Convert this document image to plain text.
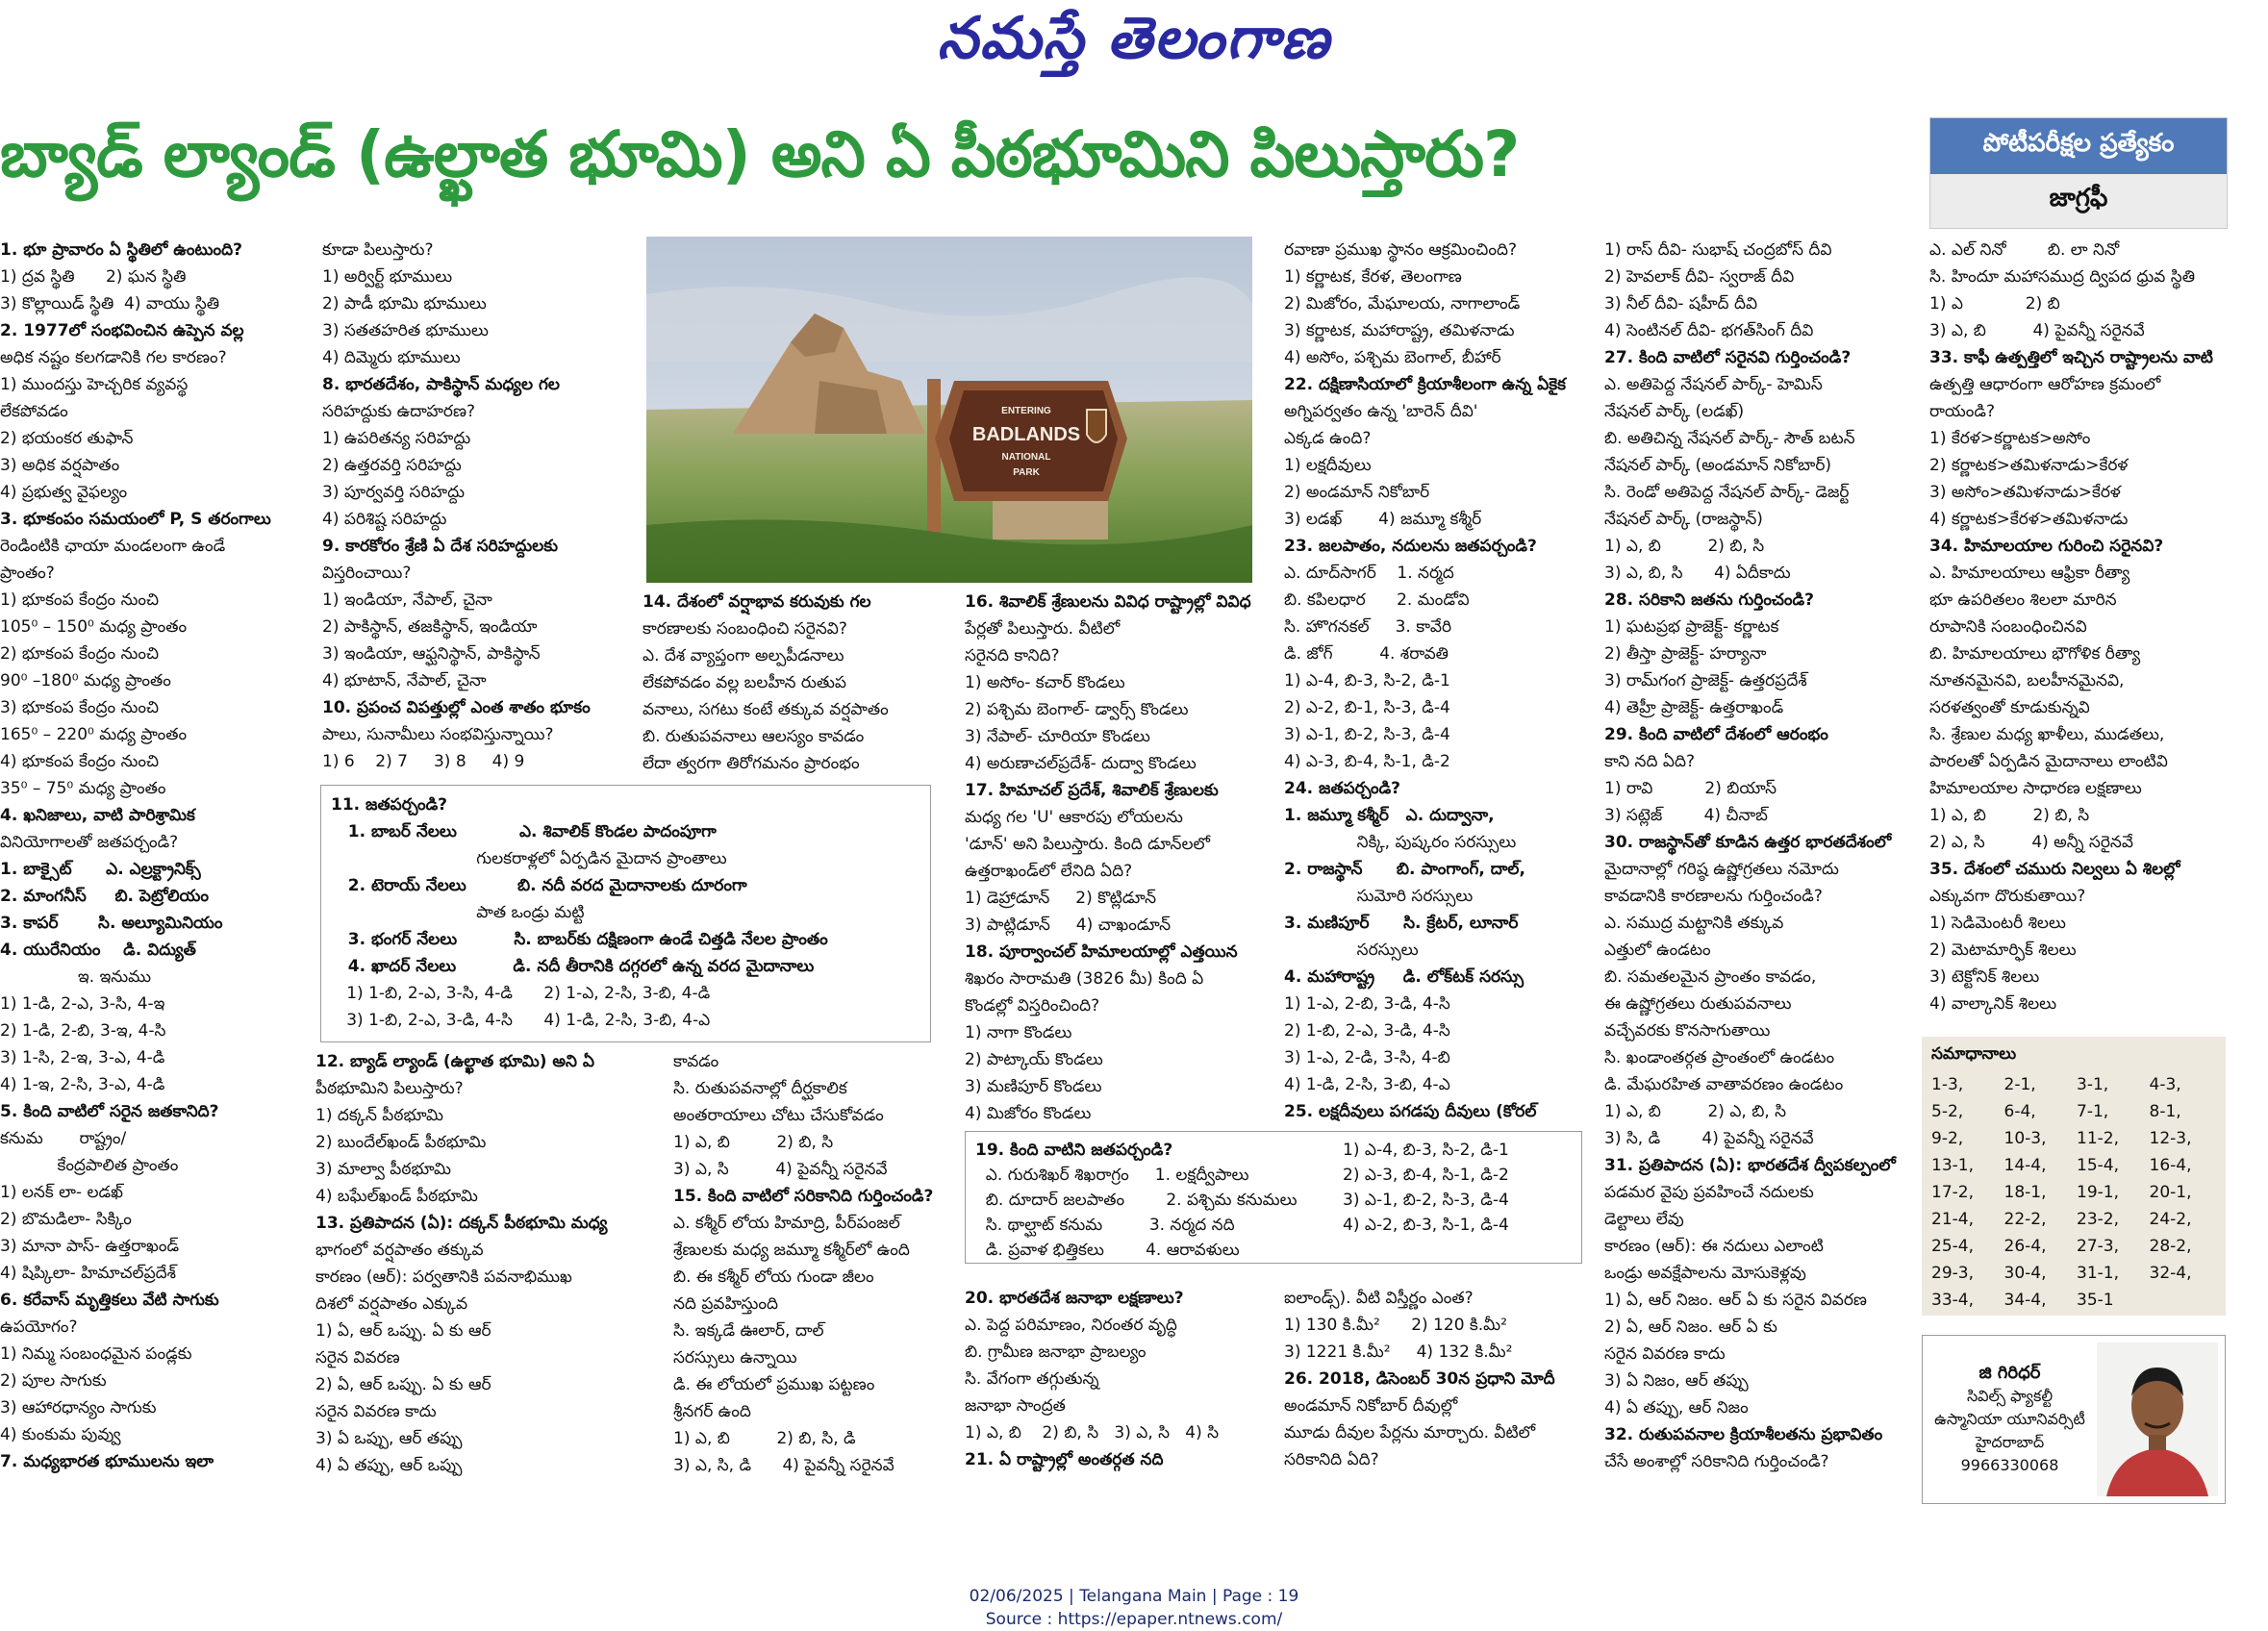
నమస్తే తెలంగాణ
బ్యాడ్ ల్యాండ్ (ఉల్ఖాత భూమి) అని ఏ పీఠభూమిని పిలుస్తారు?	పోటీపరీక్షల ప్రత్యేకం
జాగ్రఫీ
1. భూ ప్రావారం ఏ స్థితిలో ఉంటుంది?
1) ద్రవ స్థితి      2) ఘన స్థితి
3) కొల్లాయిడ్ స్థితి  4) వాయు స్థితి
2. 1977లో సంభవించిన ఉప్పెన వల్ల
అధిక నష్టం కలగడానికి గల కారణం?
1) ముందస్తు హెచ్చరిక వ్యవస్థ
లేకపోవడం
2) భయంకర తుఫాన్
3) అధిక వర్షపాతం
4) ప్రభుత్వ వైఫల్యం
3. భూకంపం సమయంలో P, S తరంగాలు
రెండింటికి ఛాయా మండలంగా ఉండే
ప్రాంతం?
1) భూకంప కేంద్రం నుంచి
105⁰ – 150⁰ మధ్య ప్రాంతం
2) భూకంప కేంద్రం నుంచి
90⁰ –180⁰ మధ్య ప్రాంతం
3) భూకంప కేంద్రం నుంచి
165⁰ – 220⁰ మధ్య ప్రాంతం
4) భూకంప కేంద్రం నుంచి
35⁰ – 75⁰ మధ్య ప్రాంతం
4. ఖనిజాలు, వాటి పారిశ్రామిక
వినియోగాలతో జతపర్చండి?
1. బాక్సైట్      ఎ. ఎల్రక్ట్రానిక్స్
2. మాంగనీస్     బి. పెట్రోలియం
3. కాపర్       సి. అల్యూమినియం
4. యురేనియం    డి. విద్యుత్
ఇ. ఇనుము
1) 1-డి, 2-ఎ, 3-సి, 4-ఇ
2) 1-డి, 2-బి, 3-ఇ, 4-సి
3) 1-సి, 2-ఇ, 3-ఎ, 4-డి
4) 1-ఇ, 2-సి, 3-ఎ, 4-డి
5. కింది వాటిలో సరైన జతకానిది?
కనుమ       రాష్ట్రం/
కేంద్రపాలిత ప్రాంతం
1) లనక్ లా- లడఖ్
2) బొమడిలా- సిక్కిం
3) మానా పాస్- ఉత్తరాఖండ్
4) షిప్కిలా- హిమాచల్‌ప్రదేశ్
6. కరేవాస్ మృత్తికలు వేటి సాగుకు
ఉపయోగం?
1) నిమ్మ సంబంధమైన పండ్లకు
2) పూల సాగుకు
3) ఆహారధాన్యం సాగుకు
4) కుంకుమ పువ్వు
7. మధ్యభారత భూములను ఇలా
కూడా పిలుస్తారు?
1) అర్విర్ట్ భూములు
2) పాడీ భూమి భూములు
3) సతతహరిత భూములు
4) దిమ్మెరు భూములు
8. భారతదేశం, పాకిస్థాన్ మధ్యల గల
సరిహద్దుకు ఉదాహరణ?
1) ఉపరితన్య సరిహద్దు
2) ఉత్తరవర్తి సరిహద్దు
3) పూర్వవర్తి సరిహద్దు
4) పరిశిష్ట సరిహద్దు
9. కారకోరం శ్రేణి ఏ దేశ సరిహద్దులకు
విస్తరించాయి?
1) ఇండియా, నేపాల్, చైనా
2) పాకిస్థాన్, తజకిస్థాన్, ఇండియా
3) ఇండియా, ఆఫ్ఘనిస్థాన్, పాకిస్థాన్
4) భూటాన్, నేపాల్, చైనా
10. ప్రపంచ విపత్తుల్లో ఎంత శాతం భూకం
పాలు, సునామీలు సంభవిస్తున్నాయి?
1) 6    2) 7     3) 8     4) 9
12. బ్యాడ్ ల్యాండ్ (ఉల్ఖాత భూమి) అని ఏ
పీఠభూమిని పిలుస్తారు?
1) దక్కన్ పీఠభూమి
2) బుందేల్‌ఖండ్ పీఠభూమి
3) మాల్వా పీఠభూమి
4) బఘేల్‌ఖండ్ పీఠభూమి
13. ప్రతిపాదన (ఏ): దక్కన్ పీఠభూమి మధ్య
భాగంలో వర్షపాతం తక్కువ
కారణం (ఆర్): పర్వతానికి పవనాభిముఖ
దిశలో వర్షపాతం ఎక్కువ
1) ఏ, ఆర్ ఒప్పు. ఏ కు ఆర్
సరైన వివరణ
2) ఏ, ఆర్ ఒప్పు. ఏ కు ఆర్
సరైన వివరణ కాదు
3) ఏ ఒప్పు, ఆర్ తప్పు
4) ఏ తప్పు, ఆర్ ఒప్పు
14. దేశంలో వర్షాభావ కరువుకు గల
కారణాలకు సంబంధించి సరైనవి?
ఎ. దేశ వ్యాప్తంగా అల్పపీడనాలు
లేకపోవడం వల్ల బలహీన రుతుప
వనాలు, సగటు కంటే తక్కువ వర్షపాతం
బి. రుతుపవనాలు ఆలస్యం కావడం
లేదా త్వరగా తిరోగమనం ప్రారంభం
కావడం
సి. రుతుపవనాల్లో దీర్ఘకాలిక
అంతరాయాలు చోటు చేసుకోవడం
1) ఎ, బి         2) బి, సి
3) ఎ, సి         4) పైవన్నీ సరైనవే
15. కింది వాటిలో సరికానిది గుర్తించండి?
ఎ. కశ్మీర్ లోయ హిమాద్రి, పీర్‌పంజల్
శ్రేణులకు మధ్య జమ్మూ కశ్మీర్‌లో ఉంది
బి. ఈ కశ్మీర్ లోయ గుండా జీలం
నది ప్రవహిస్తుంది
సి. ఇక్కడే ఊలార్, దాల్
సరస్సులు ఉన్నాయి
డి. ఈ లోయలో ప్రముఖ పట్టణం
శ్రీనగర్ ఉంది
1) ఎ, బి         2) బి, సి, డి
3) ఎ, సి, డి      4) పైవన్నీ సరైనవే
16. శివాలిక్ శ్రేణులను వివిధ రాష్ట్రాల్లో వివిధ
పేర్లతో పిలుస్తారు. వీటిలో
సరైనది కానిది?
1) అసోం- కచార్ కొండలు
2) పశ్చిమ బెంగాల్- డ్వార్స్ కొండలు
3) నేపాల్- చూరియా కొండలు
4) అరుణాచల్‌ప్రదేశ్- దుద్వా కొండలు
17. హిమాచల్ ప్రదేశ్, శివాలిక్ శ్రేణులకు
మధ్య గల 'U' ఆకారపు లోయలను
'డూన్' అని పిలుస్తారు. కింది డూన్‌లలో
ఉత్తరాఖండ్‌లో లేనిది ఏది?
1) డెహ్రాడూన్     2) కొట్లిడూన్
3) పాట్లిడూన్     4) చాఖండూన్
18. పూర్వాంచల్ హిమాలయాల్లో ఎత్తయిన
శిఖరం సారామతి (3826 మీ) కింది ఏ
కొండల్లో విస్తరించింది?
1) నాగా కొండలు
2) పాట్కాయ్ కొండలు
3) మణిపూర్ కొండలు
4) మిజోరం కొండలు
20. భారతదేశ జనాభా లక్షణాలు?
ఎ. పెద్ద పరిమాణం, నిరంతర వృద్ధి
బి. గ్రామీణ జనాభా ప్రాబల్యం
సి. వేగంగా తగ్గుతున్న
జనాభా సాంద్రత
1) ఎ, బి    2) బి, సి   3) ఎ, సి   4) సి
21. ఏ రాష్ట్రాల్లో అంతర్గత నది
రవాణా ప్రముఖ స్థానం ఆక్రమించింది?
1) కర్ణాటక, కేరళ, తెలంగాణ
2) మిజోరం, మేఘాలయ, నాగాలాండ్
3) కర్ణాటక, మహారాష్ట్ర, తమిళనాడు
4) అసోం, పశ్చిమ బెంగాల్, బీహార్
22. దక్షిణాసియాలో క్రియాశీలంగా ఉన్న ఏకైక
అగ్నిపర్వతం ఉన్న 'బారెన్ దీవి'
ఎక్కడ ఉంది?
1) లక్షదీవులు
2) అండమాన్ నికోబార్
3) లడఖ్       4) జమ్మూ కశ్మీర్
23. జలపాతం, నదులను జతపర్చండి?
ఎ. దూద్‌సాగర్    1. నర్మద
బి. కపిలధార      2. మండోవి
సి. హొగనకల్     3. కావేరి
డి. జోగ్         4. శరావతి
1) ఎ-4, బి-3, సి-2, డి-1
2) ఎ-2, బి-1, సి-3, డి-4
3) ఎ-1, బి-2, సి-3, డి-4
4) ఎ-3, బి-4, సి-1, డి-2
24. జతపర్చండి?
1. జమ్మూ కశ్మీర్   ఎ. దుద్వానా,
నిక్కి, పుష్కరం సరస్సులు
2. రాజస్థాన్      బి. పాంగాంగ్, దాల్,
సుమోరి సరస్సులు
3. మణిపూర్      సి. క్రేటర్, లూనార్
సరస్సులు
4. మహారాష్ట్ర     డి. లోక్‌టక్ సరస్సు
1) 1-ఎ, 2-బి, 3-డి, 4-సి
2) 1-బి, 2-ఎ, 3-డి, 4-సి
3) 1-ఎ, 2-డి, 3-సి, 4-బి
4) 1-డి, 2-సి, 3-బి, 4-ఎ
25. లక్షదీవులు పగడపు దీవులు (కోరల్
ఐలాండ్స్). వీటి విస్తీర్ణం ఎంత?
1) 130 కి.మీ²      2) 120 కి.మీ²
3) 1221 కి.మీ²     4) 132 కి.మీ²
26. 2018, డిసెంబర్ 30న ప్రధాని మోదీ
అండమాన్ నికోబార్ దీవుల్లో
మూడు దీవుల పేర్లను మార్చారు. వీటిలో
సరికానిది ఏది?
1) రాస్ దీవి- సుభాష్ చంద్రబోస్ దీవి
2) హెవలాక్ దీవి- స్వరాజ్ దీవి
3) నీల్ దీవి- షహీద్ దీవి
4) సెంటినల్ దీవి- భగత్‌సింగ్ దీవి
27. కింది వాటిలో సరైనవి గుర్తించండి?
ఎ. అతిపెద్ద నేషనల్ పార్క్- హెమిస్
నేషనల్ పార్క్ (లడఖ్)
బి. అతిచిన్న నేషనల్ పార్క్- సౌత్ బటన్
నేషనల్ పార్క్ (అండమాన్ నికోబార్)
సి. రెండో అతిపెద్ద నేషనల్ పార్క్- డెజర్ట్
నేషనల్ పార్క్ (రాజస్థాన్)
1) ఎ, బి         2) బి, సి
3) ఎ, బి, సి      4) ఏదీకాదు
28. సరికాని జతను గుర్తించండి?
1) ఘటప్రభ ప్రాజెక్ట్- కర్ణాటక
2) తీస్తా ప్రాజెక్ట్- హర్యానా
3) రామ్‌గంగ ప్రాజెక్ట్- ఉత్తరప్రదేశ్
4) తెహ్రీ ప్రాజెక్ట్- ఉత్తరాఖండ్
29. కింది వాటిలో దేశంలో ఆరంభం
కాని నది ఏది?
1) రావి          2) బియాస్
3) సట్లెజ్        4) చీనాబ్
30. రాజస్థాన్‌తో కూడిన ఉత్తర భారతదేశంలో
మైదానాల్లో గరిష్ఠ ఉష్ణోగ్రతలు నమోదు
కావడానికి కారణాలను గుర్తించండి?
ఎ. సముద్ర మట్టానికి తక్కువ
ఎత్తులో ఉండటం
బి. సమతలమైన ప్రాంతం కావడం,
ఈ ఉష్ణోగ్రతలు రుతుపవనాలు
వచ్చేవరకు కొనసాగుతాయి
సి. ఖండాంతర్గత ప్రాంతంలో ఉండటం
డి. మేఘరహిత వాతావరణం ఉండటం
1) ఎ, బి         2) ఎ, బి, సి
3) సి, డి        4) పైవన్నీ సరైనవే
31. ప్రతిపాదన (ఏ): భారతదేశ ద్వీపకల్పంలో
పడమర వైపు ప్రవహించే నదులకు
డెల్టాలు లేవు
కారణం (ఆర్): ఈ నదులు ఎలాంటి
ఒండ్రు అవక్షేపాలను మోసుకెళ్లవు
1) ఏ, ఆర్ నిజం. ఆర్ ఏ కు సరైన వివరణ
2) ఏ, ఆర్ నిజం. ఆర్ ఏ కు
సరైన వివరణ కాదు
3) ఏ నిజం, ఆర్ తప్పు
4) ఏ తప్పు, ఆర్ నిజం
32. రుతుపవనాల క్రియాశీలతను ప్రభావితం
చేసే అంశాల్లో సరికానిది గుర్తించండి?
ఎ. ఎల్ నినో        బి. లా నినో
సి. హిందూ మహాసముద్ర ద్విపద ధ్రువ స్థితి
1) ఎ            2) బి
3) ఎ, బి         4) పైవన్నీ సరైనవే
33. కాఫీ ఉత్పత్తిలో ఇచ్చిన రాష్ట్రాలను వాటి
ఉత్పత్తి ఆధారంగా ఆరోహణ క్రమంలో
రాయండి?
1) కేరళ>కర్ణాటక>అసోం
2) కర్ణాటక>తమిళనాడు>కేరళ
3) అసోం>తమిళనాడు>కేరళ
4) కర్ణాటక>కేరళ>తమిళనాడు
34. హిమాలయాల గురించి సరైనవి?
ఎ. హిమాలయాలు ఆఫ్రికా రీత్యా
భూ ఉపరితలం శిలలా మారిన
రూపానికి సంబంధించినవి
బి. హిమాలయాలు భౌగోళిక రీత్యా
నూతనమైనవి, బలహీనమైనవి,
సరళత్వంతో కూడుకున్నవి
సి. శ్రేణుల మధ్య ఖాళీలు, ముడతలు,
పారలతో ఏర్పడిన మైదానాలు లాంటివి
హిమాలయాల సాధారణ లక్షణాలు
1) ఎ, బి         2) బి, సి
2) ఎ, సి         4) అన్నీ సరైనవే
35. దేశంలో చమురు నిల్వలు ఏ శిలల్లో
ఎక్కువగా దొరుకుతాయి?
1) సెడిమెంటరీ శిలలు
2) మెటామార్ఫిక్ శిలలు
3) టెక్టోనిక్ శిలలు
4) వాల్కానిక్ శిలలు
ENTERING
BADLANDS
NATIONAL
PARK
11. జతపర్చండి?
1. బాబర్ నేలలు           ఎ. శివాలిక్ కొండల పాదంపూగా
గులకరాళ్లలో ఏర్పడిన మైదాన ప్రాంతాలు
2. టెరాయ్ నేలలు         బి. నదీ వరద మైదానాలకు దూరంగా
పాత ఒండ్రు మట్టి
3. భంగర్ నేలలు          సి. బాబర్‌కు దక్షిణంగా ఉండే చిత్తడి నేలల ప్రాంతం
4. ఖాదర్ నేలలు          డి. నదీ తీరానికి దగ్గరలో ఉన్న వరద మైదానాలు
1) 1-బి, 2-ఎ, 3-సి, 4-డి      2) 1-ఎ, 2-సి, 3-బి, 4-డి
3) 1-బి, 2-ఎ, 3-డి, 4-సి      4) 1-డి, 2-సి, 3-బి, 4-ఎ
19. కింది వాటిని జతపర్చండి?
ఎ. గురుశిఖర్ శిఖరాగ్రం     1. లక్షద్వీపాలు
బి. దూదార్ జలపాతం        2. పశ్చిమ కనుమలు
సి. థాల్ఘాట్ కనుమ         3. నర్మద నది
డి. ప్రవాళ భిత్తికలు        4. ఆరావళులు
1) ఎ-4, బి-3, సి-2, డి-1
2) ఎ-3, బి-4, సి-1, డి-2
3) ఎ-1, బి-2, సి-3, డి-4
4) ఎ-2, బి-3, సి-1, డి-4
సమాధానాలు
1-3,	2-1,	3-1,	4-3,
5-2,	6-4,	7-1,	8-1,
9-2,	10-3,	11-2,	12-3,
13-1,	14-4,	15-4,	16-4,
17-2,	18-1,	19-1,	20-1,
21-4,	22-2,	23-2,	24-2,
25-4,	26-4,	27-3,	28-2,
29-3,	30-4,	31-1,	32-4,
33-4,	34-4,	35-1
జి గిరిధర్
సివిల్స్ ఫ్యాకల్టీ
ఉస్మానియా యూనివర్సిటీ
హైదరాబాద్
9966330068
02/06/2025 | Telangana Main | Page : 19
Source : https://epaper.ntnews.com/
